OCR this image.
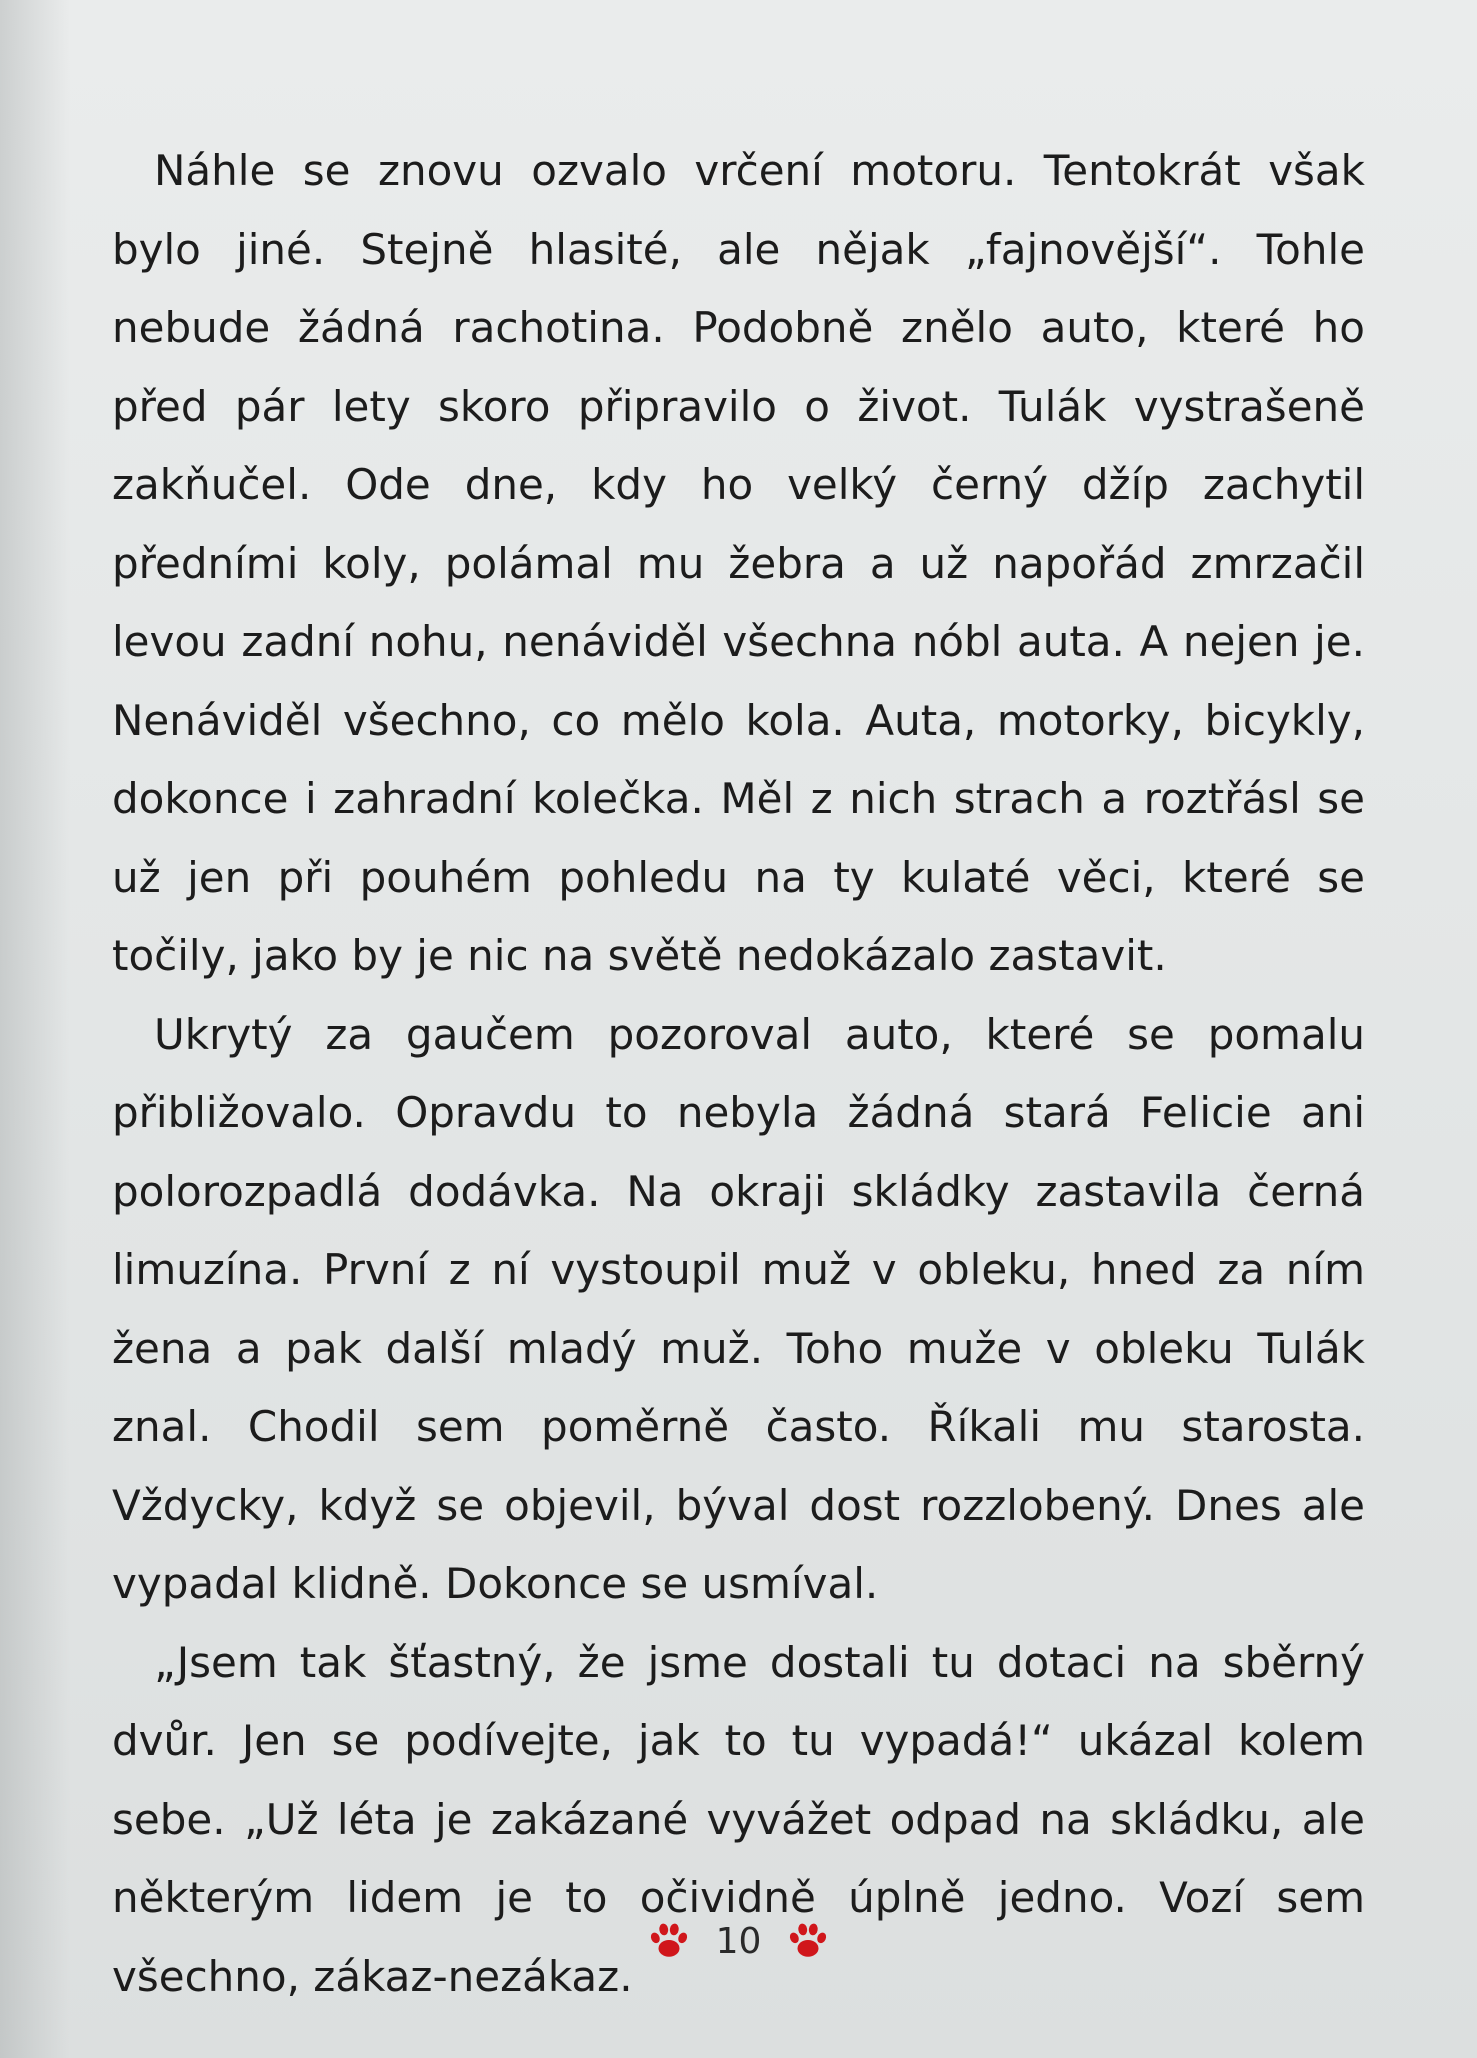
Náhle se znovu ozvalo vrčení motoru. Tentokrát však bylo jiné. Stejně hlasité, ale nějak „fajnovější“. Tohle nebude žádná rachotina. Podobně znělo auto, které ho před pár lety skoro připravilo o život. Tulák vystrašeně zakňučel. Ode dne, kdy ho velký černý džíp zachytil předními koly, polámal mu žebra a už napořád zmrzačil levou zadní nohu, nenáviděl všechna nóbl auta. A nejen je. Nenáviděl všechno, co mělo kola. Auta, motorky, bicykly, dokonce i zahradní kolečka. Měl z nich strach a roztřásl se už jen při pouhém pohledu na ty kulaté věci, které se točily, jako by je nic na světě nedokázalo zastavit.

Ukrytý za gaučem pozoroval auto, které se pomalu přibližovalo. Opravdu to nebyla žádná stará Felicie ani polorozpadlá dodávka. Na okraji skládky zastavila černá limuzína. První z ní vystoupil muž v obleku, hned za ním žena a pak další mladý muž. Toho muže v obleku Tulák znal. Chodil sem poměrně často. Říkali mu starosta. Vždycky, když se objevil, býval dost rozzlobený. Dnes ale vypadal klidně. Dokonce se usmíval.

„Jsem tak šťastný, že jsme dostali tu dotaci na sběrný dvůr. Jen se podívejte, jak to tu vypadá!“ ukázal kolem sebe. „Už léta je zakázané vyvážet odpad na skládku, ale některým lidem je to očividně úplně jedno. Vozí sem všechno, zákaz-nezákaz.

10
